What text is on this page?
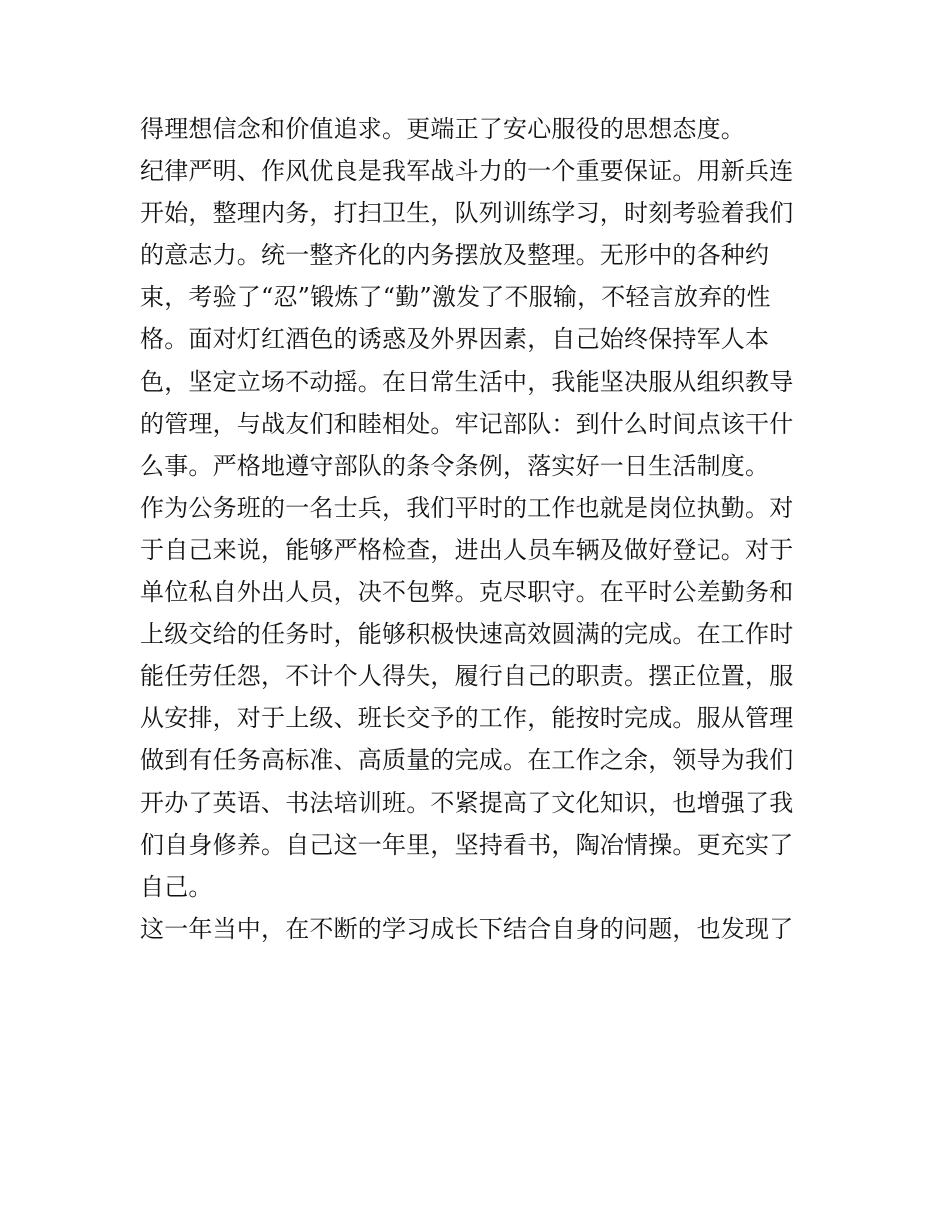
得理想信念和价值追求。更端正了安心服役的思想态度。
纪律严明、作风优良是我军战斗力的一个重要保证。用新兵连
开始，整理内务，打扫卫生，队列训练学习，时刻考验着我们
的意志力。统一整齐化的内务摆放及整理。无形中的各种约
束，考验了“忍”锻炼了“勤”激发了不服输，不轻言放弃的性
格。面对灯红酒色的诱惑及外界因素，自己始终保持军人本
色，坚定立场不动摇。在日常生活中，我能坚决服从组织教导
的管理，与战友们和睦相处。牢记部队：到什么时间点该干什
么事。严格地遵守部队的条令条例，落实好一日生活制度。
作为公务班的一名士兵，我们平时的工作也就是岗位执勤。对
于自己来说，能够严格检查，进出人员车辆及做好登记。对于
单位私自外出人员，决不包弊。克尽职守。在平时公差勤务和
上级交给的任务时，能够积极快速高效圆满的完成。在工作时
能任劳任怨，不计个人得失，履行自己的职责。摆正位置，服
从安排，对于上级、班长交予的工作，能按时完成。服从管理
做到有任务高标准、高质量的完成。在工作之余，领导为我们
开办了英语、书法培训班。不紧提高了文化知识，也增强了我
们自身修养。自己这一年里，坚持看书，陶冶情操。更充实了
自己。
这一年当中，在不断的学习成长下结合自身的问题，也发现了
